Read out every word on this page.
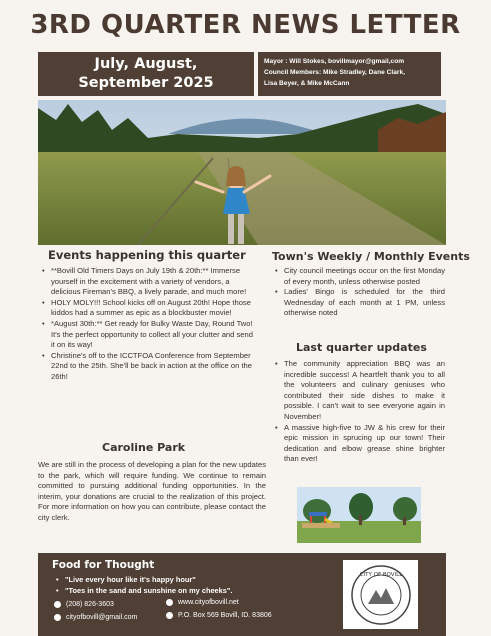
3RD QUARTER NEWS LETTER
July, August,
September 2025
Mayor : Will Stokes, bovillmayor@gmail,com
Council Members: Mike Stradley, Dane Clark,
Lisa Beyer, & Mike McCann
Events happening this quarter
• **Bovill Old Timers Days on July 19th & 20th:** Immerse yourself in the excitement with a variety of vendors, a delicious Fireman's BBQ, a lively parade, and much more!
• HOLY MOLY!!! School kicks off on August 20th! Hope those kiddos had a summer as epic as a blockbuster movie!
• *August 30th:** Get ready for Bulky Waste Day, Round Two! It's the perfect opportunity to collect all your clutter and send it on its way!
• Christine's off to the ICCTFOA Conference from September 22nd to the 25th. She'll be back in action at the office on the 26th!
Town's Weekly / Monthly Events
• City council meetings occur on the first Monday of every month, unless otherwise posted
• Ladies' Bingo is scheduled for the third Wednesday of each month at 1 PM, unless otherwise noted
Last quarter updates
• The community appreciation BBQ was an incredible success! A heartfelt thank you to all the volunteers and culinary geniuses who contributed their side dishes to make it possible. I can't wait to see everyone again in November!
• A massive high-five to JW & his crew for their epic mission in sprucing up our town! Their dedication and elbow grease shine brighter than ever!
Caroline Park

We are still in the process of developing a plan for the new updates to the park, which will require funding. We continue to remain committed to pursuing additional funding opportunities. In the interim, your donations are crucial to the realization of this project. For more information on how you can contribute, please contact the city clerk.

Food for Thought
• "Live every hour like it's happy hour"
• "Toes in the sand and sunshine on my cheeks".
(208) 826-3603
cityofbovill@gmail.com
www.cityofbovill.net
P.O. Box 569 Bovill, ID. 83806
CITY OF BOVILL
